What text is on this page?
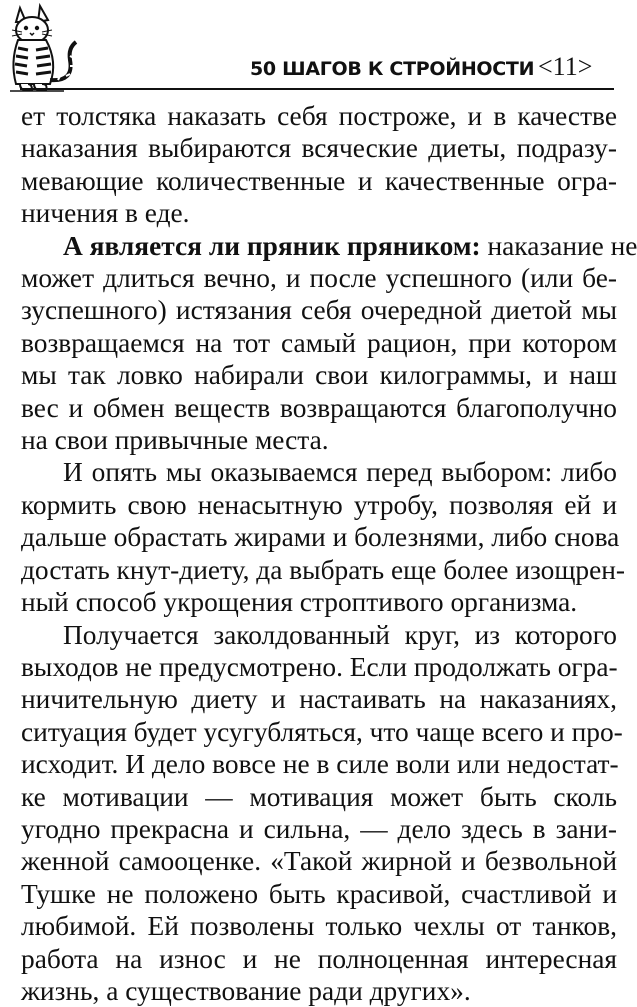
50 ШАГОВ К СТРОЙНОСТИ <11>

ет толстяка наказать себя построже, и в качестве
наказания выбираются всяческие диеты, подразу-
мевающие количественные и качественные огра-
ничения в еде.

А является ли пряник пряником: наказание не
может длиться вечно, и после успешного (или бе-
зуспешного) истязания себя очередной диетой мы
возвращаемся на тот самый рацион, при котором
мы так ловко набирали свои килограммы, и наш
вес и обмен веществ возвращаются благополучно
на свои привычные места.

И опять мы оказываемся перед выбором: либо
кормить свою ненасытную утробу, позволяя ей и
дальше обрастать жирами и болезнями, либо снова
достать кнут-диету, да выбрать еще более изощрен-
ный способ укрощения строптивого организма.

Получается заколдованный круг, из которого
выходов не предусмотрено. Если продолжать огра-
ничительную диету и настаивать на наказаниях,
ситуация будет усугубляться, что чаще всего и про-
исходит. И дело вовсе не в силе воли или недостат-
ке мотивации — мотивация может быть сколь
угодно прекрасна и сильна, — дело здесь в зани-
женной самооценке. «Такой жирной и безвольной
Тушке не положено быть красивой, счастливой и
любимой. Ей позволены только чехлы от танков,
работа на износ и не полноценная интересная
жизнь, а существование ради других».
